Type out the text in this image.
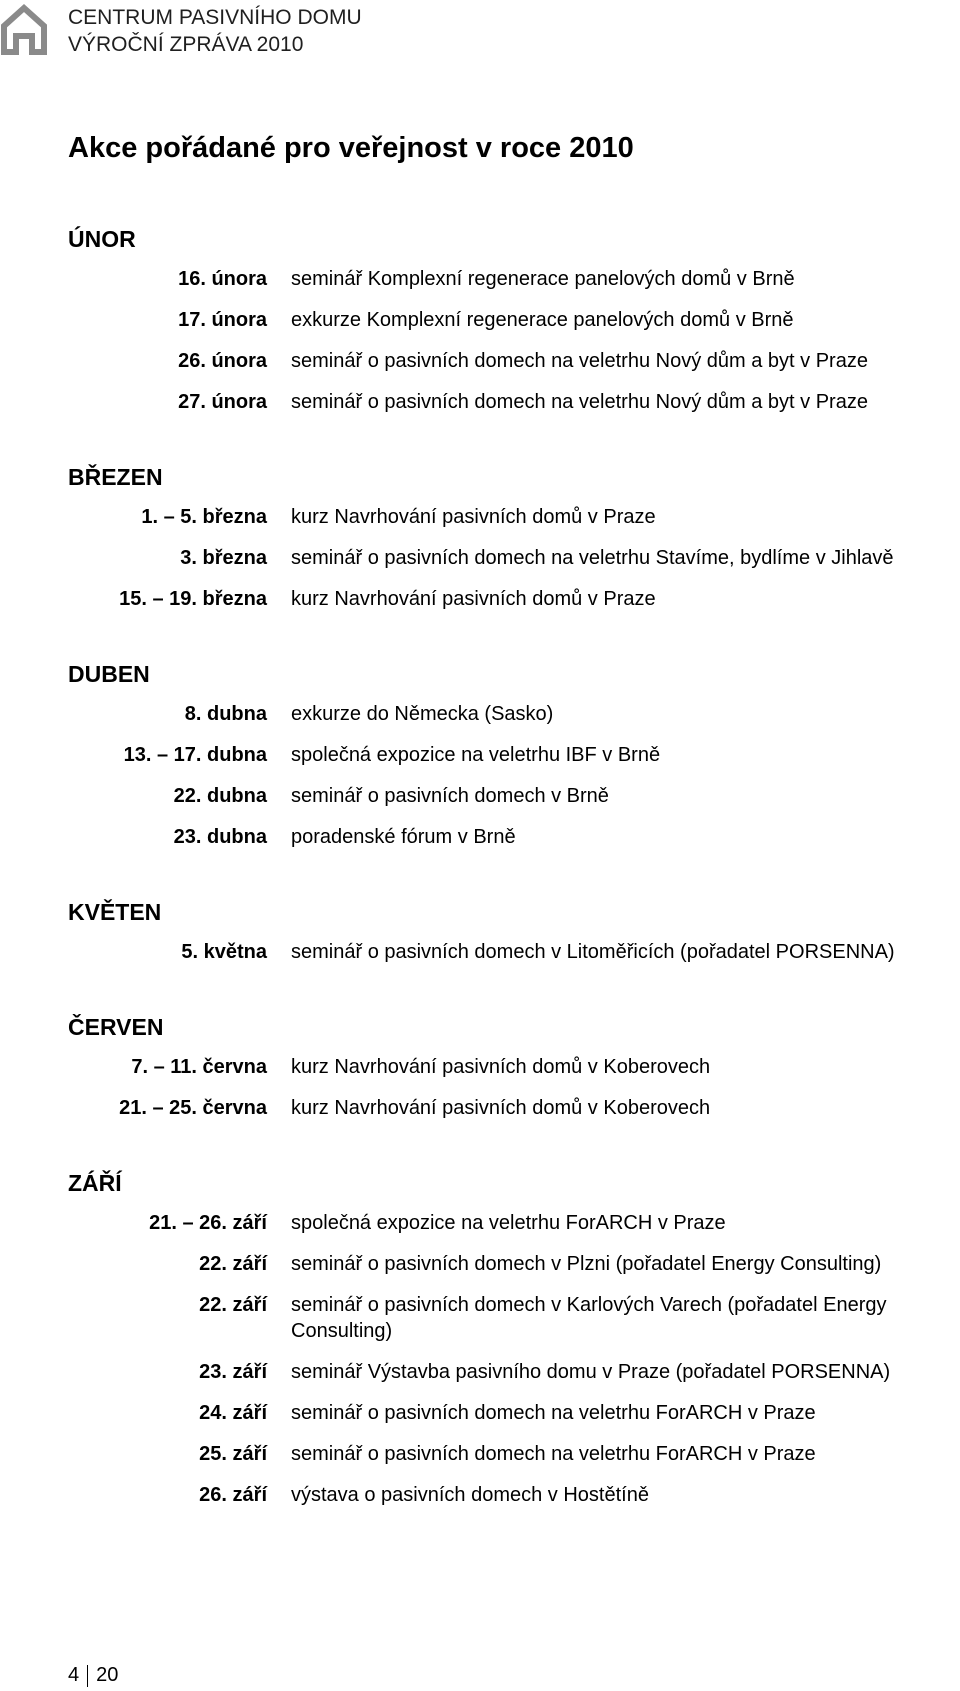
CENTRUM PASIVNÍHO DOMU
VÝROČNÍ ZPRÁVA 2010
Akce pořádané pro veřejnost v roce 2010
ÚNOR
16. února seminář Komplexní regenerace panelových domů v Brně
17. února exkurze Komplexní regenerace panelových domů v Brně
26. února seminář o pasivních domech na veletrhu Nový dům a byt v Praze
27. února seminář o pasivních domech na veletrhu Nový dům a byt v Praze
BŘEZEN
1. – 5. března kurz Navrhování pasivních domů v Praze
3. března seminář o pasivních domech na veletrhu Stavíme, bydlíme v Jihlavě
15. – 19. března kurz Navrhování pasivních domů v Praze
DUBEN
8. dubna exkurze do Německa (Sasko)
13. – 17. dubna společná expozice na veletrhu IBF v Brně
22. dubna seminář o pasivních domech v Brně
23. dubna poradenské fórum v Brně
KVĚTEN
5. května seminář o pasivních domech v Litoměřicích (pořadatel PORSENNA)
ČERVEN
7. – 11. června kurz Navrhování pasivních domů v Koberovech
21. – 25. června kurz Navrhování pasivních domů v Koberovech
ZÁŘÍ
21. – 26. září společná expozice na veletrhu ForARCH v Praze
22. září seminář o pasivních domech v Plzni (pořadatel Energy Consulting)
22. září seminář o pasivních domech v Karlových Varech (pořadatel Energy Consulting)
23. září seminář Výstavba pasivního domu v Praze (pořadatel PORSENNA)
24. září seminář o pasivních domech na veletrhu ForARCH v Praze
25. září seminář o pasivních domech na veletrhu ForARCH v Praze
26. září výstava o pasivních domech v Hostětíně
4 20
